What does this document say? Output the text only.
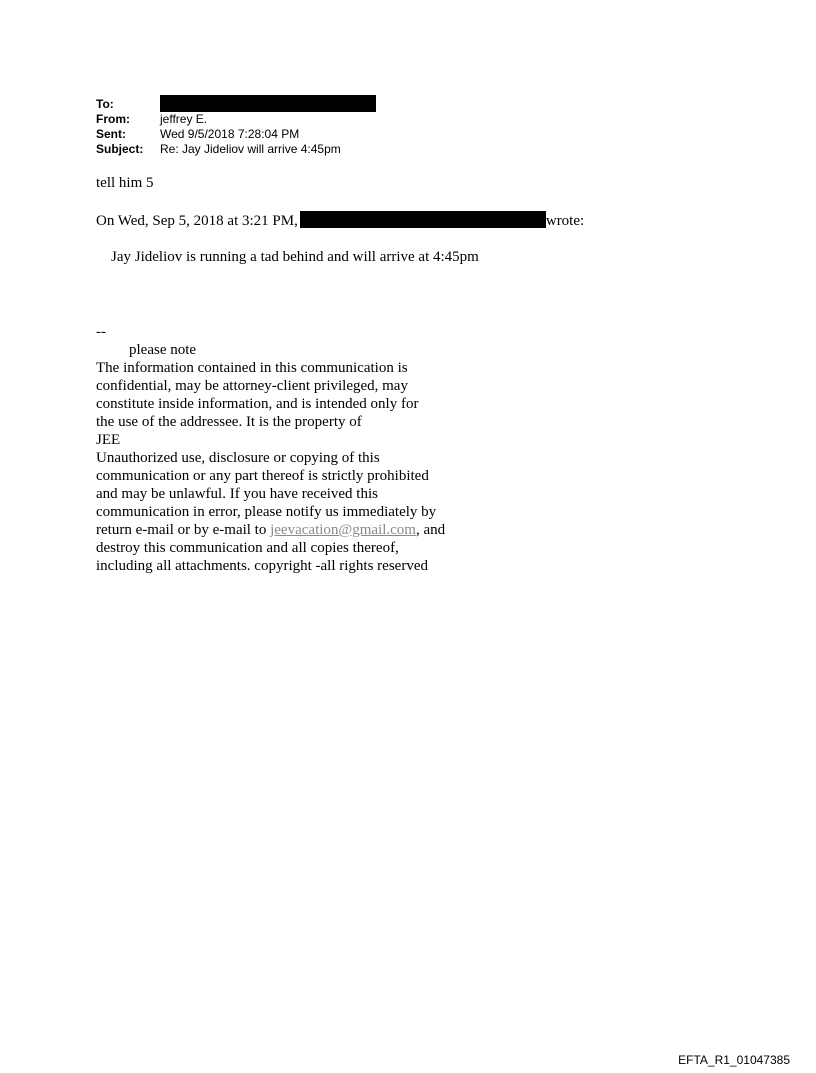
To:
From:	jeffrey E.
Sent:	Wed 9/5/2018 7:28:04 PM
Subject:	Re: Jay Jideliov will arrive 4:45pm
tell him 5
On Wed, Sep 5, 2018 at 3:21 PM,	wrote:
Jay Jideliov is running a tad behind and will arrive at 4:45pm
--
please note
The information contained in this communication is
confidential, may be attorney-client privileged, may
constitute inside information, and is intended only for
the use of the addressee. It is the property of
JEE
Unauthorized use, disclosure or copying of this
communication or any part thereof is strictly prohibited
and may be unlawful. If you have received this
communication in error, please notify us immediately by
return e-mail or by e-mail to jeevacation@gmail.com, and
destroy this communication and all copies thereof,
including all attachments. copyright -all rights reserved
EFTA_R1_01047385
